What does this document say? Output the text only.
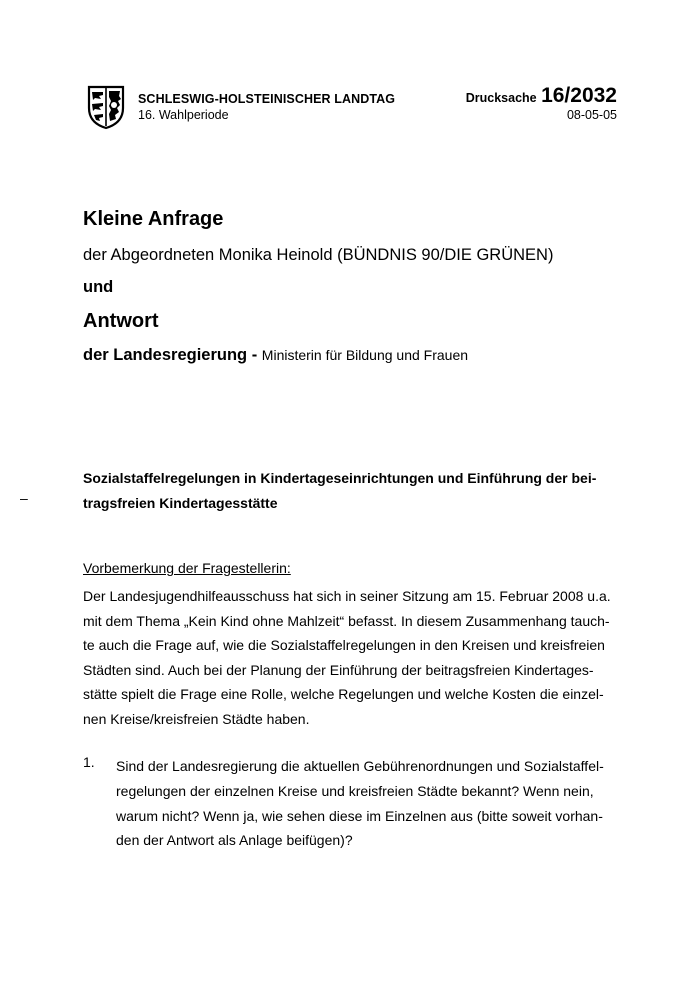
SCHLESWIG-HOLSTEINISCHER LANDTAG
16. Wahlperiode
Drucksache 16/2032
08-05-05
Kleine Anfrage
der Abgeordneten Monika Heinold (BÜNDNIS 90/DIE GRÜNEN)
und
Antwort
der Landesregierung - Ministerin für Bildung und Frauen
–
Sozialstaffelregelungen in Kindertageseinrichtungen und Einführung der bei-
tragsfreien Kindertagesstätte
Vorbemerkung der Fragestellerin:
Der Landesjugendhilfeausschuss hat sich in seiner Sitzung am 15. Februar 2008 u.a.
mit dem Thema „Kein Kind ohne Mahlzeit“ befasst. In diesem Zusammenhang tauch-
te auch die Frage auf, wie die Sozialstaffelregelungen in den Kreisen und kreisfreien
Städten sind. Auch bei der Planung der Einführung der beitragsfreien Kindertages-
stätte spielt die Frage eine Rolle, welche Regelungen und welche Kosten die einzel-
nen Kreise/kreisfreien Städte haben.
1. Sind der Landesregierung die aktuellen Gebührenordnungen und Sozialstaffel-
regelungen der einzelnen Kreise und kreisfreien Städte bekannt? Wenn nein,
warum nicht? Wenn ja, wie sehen diese im Einzelnen aus (bitte soweit vorhan-
den der Antwort als Anlage beifügen)?
